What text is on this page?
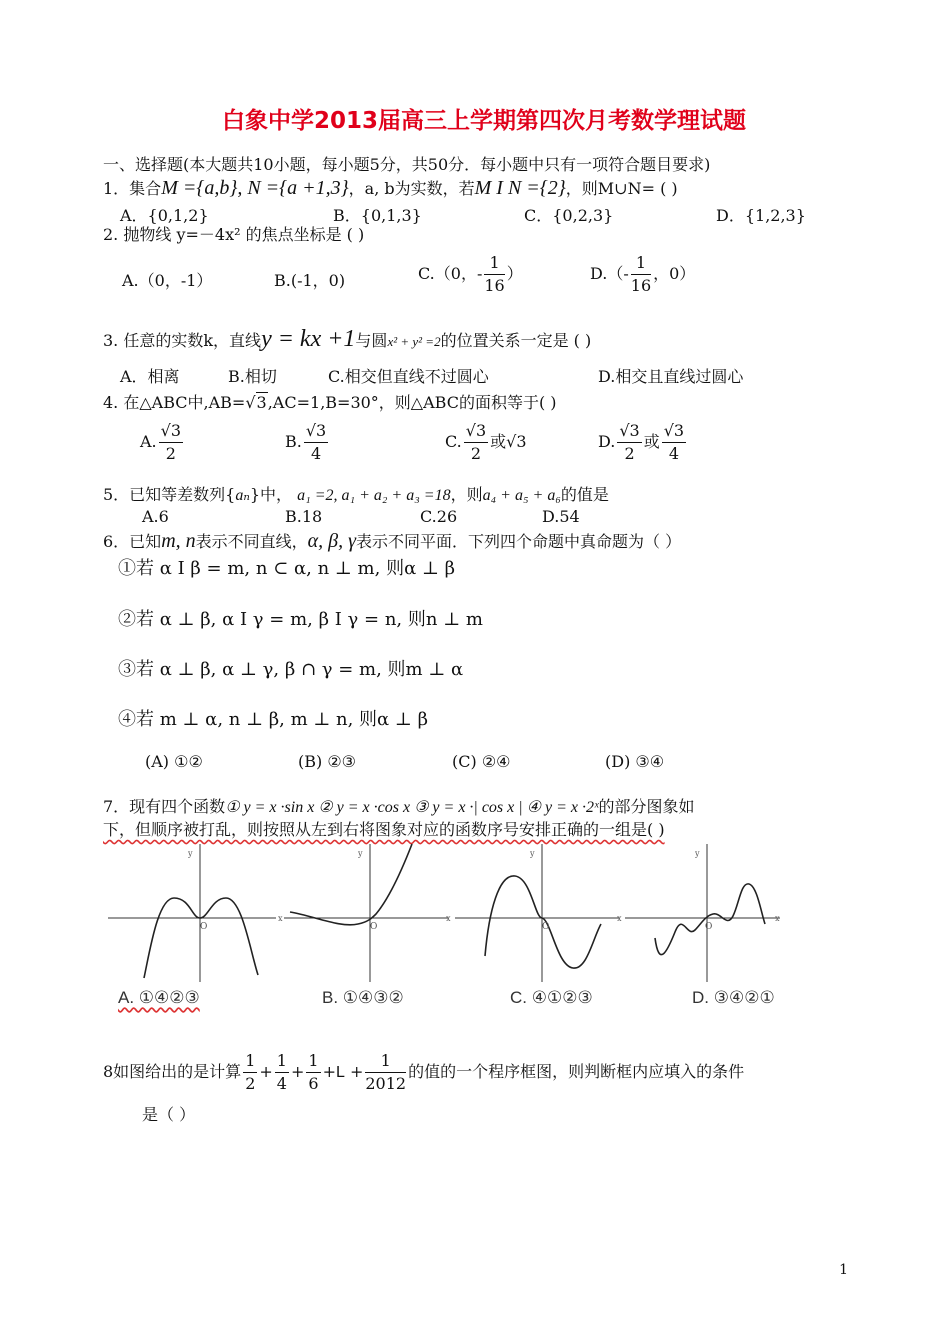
白象中学2013届高三上学期第四次月考数学理试题
一、选择题(本大题共10小题，每小题5分，共50分．每小题中只有一项符合题目要求)
1．集合M ={a,b}, N ={a +1,3}，a, b为实数，若M I N ={2}，则M∪N= ( )
A．{0,1,2}	B．{0,1,3}	C．{0,2,3}	D．{1,2,3}
2. 抛物线 y=－4x² 的焦点坐标是 ( )
A.（0，-1）	B.(-1，0)	C.（0，- $\frac{1}{16}$ ）	$D.(- \frac{1}{16}$ ，0）
3. 任意的实数k，直线y = kx +1与圆x² + y² =2的位置关系一定是 ( )
A．相离	B.相切	C.相交但直线不过圆心	D.相交且直线过圆心
4. 在△ABC中,AB=√3,AC=1,B=30°，则△ABC的面积等于( )
A. $\frac{√3}{2}$	B. $\frac{√3}{4}$	C. $\frac{√3}{2}$ 或√3	D. $\frac{√3}{2}$ 或 $\frac{√3}{4}$
5．已知等差数列{aₙ}中， a₁ =2, a₁ + a₂ + a₃ =18，则a₄ + a₅ + a₆的值是
A.6	B.18	C.26	D.54
6．已知m, n表示不同直线，α, β, γ表示不同平面．下列四个命题中真命题为（ ）
①若 α I β = m, n ⊂ α, n ⊥ m, 则α ⊥ β
②若 α ⊥ β, α I γ = m, β I γ = n, 则n ⊥ m
③若 α ⊥ β, α ⊥ γ, β ∩ γ = m, 则m ⊥ α
④若 m ⊥ α, n ⊥ β, m ⊥ n, 则α ⊥ β
(A) ①②	(B) ②③	(C) ②④	(D) ③④
7．现有四个函数① y = x ·sin x ② y = x ·cos x ③ y = x ·| cos x | ④ y = x ·2ˣ的部分图象如
下，但顺序被打乱，则按照从左到右将图象对应的函数序号安排正确的一组是( )
y
x
O
y
x
O
y
x
O
y
x
O
A. ①④②③	B. ①④③②	C. ④①②③	D. ③④②①
8如图给出的是计算 $\frac{1}{2} + \frac{1}{4} + \frac{1}{6} +L + \frac{1}{2012}$ 的值的一个程序框图，则判断框内应填入的条件
是（ ）
1
